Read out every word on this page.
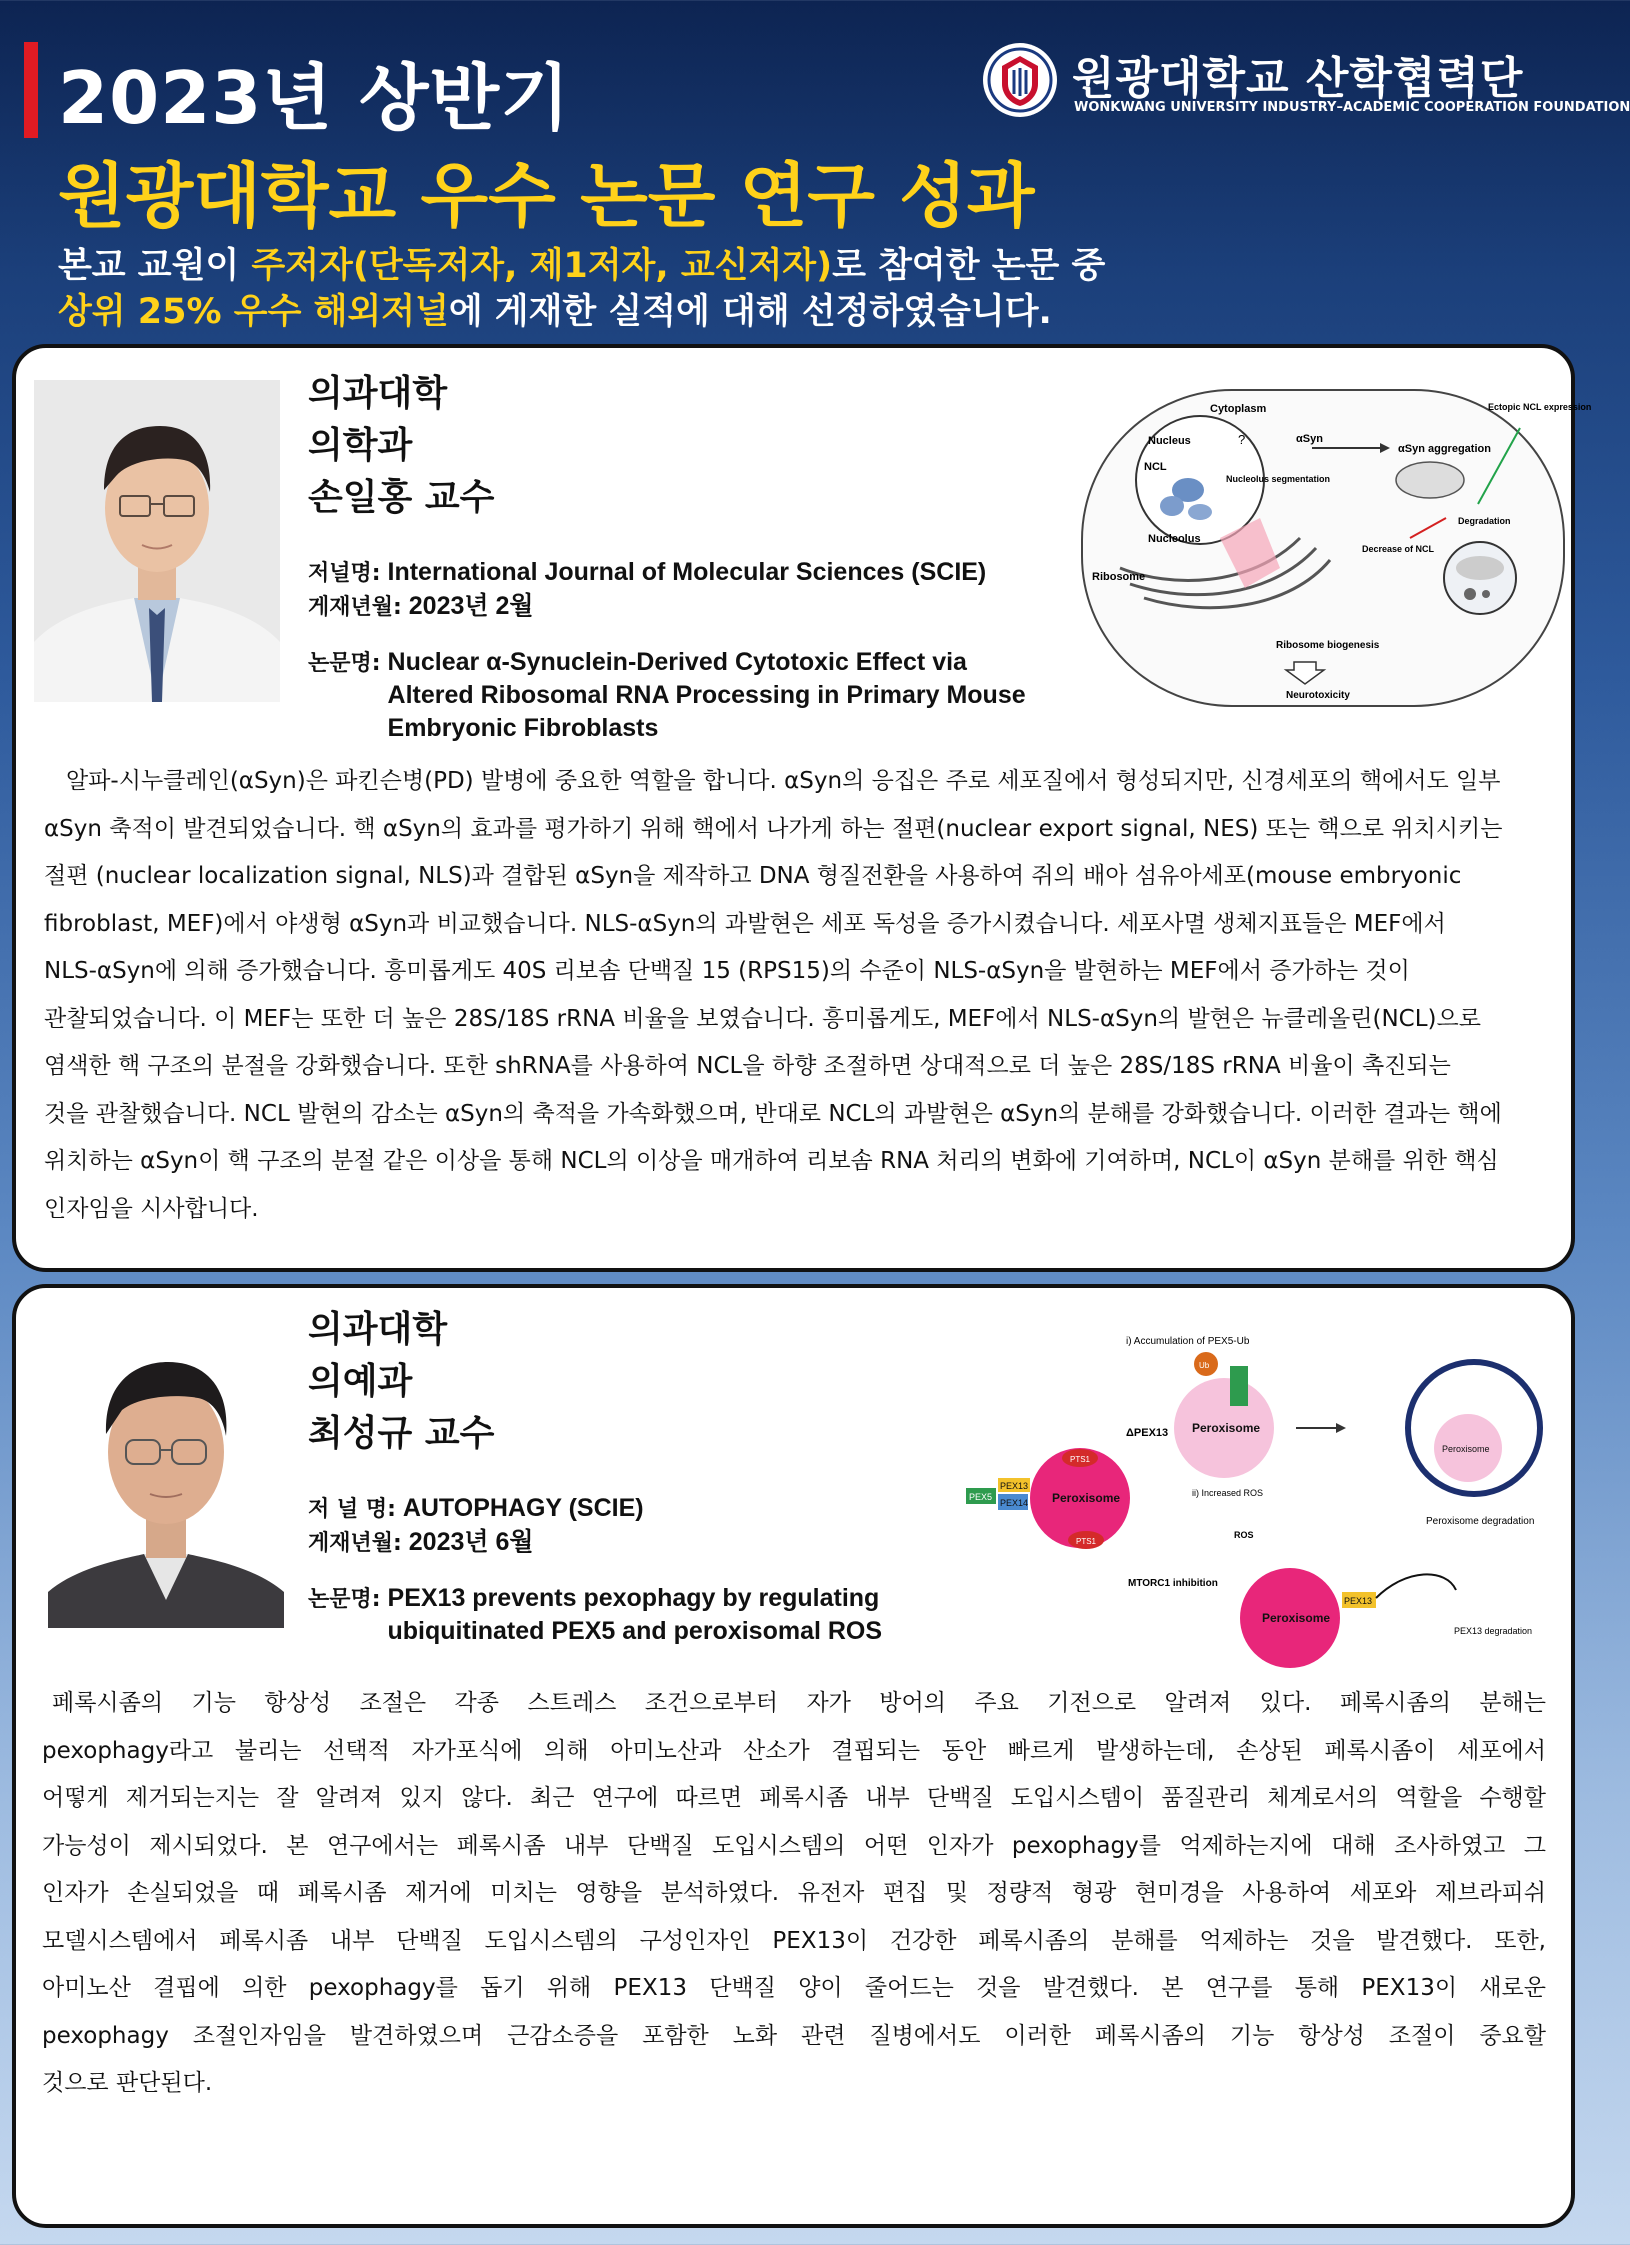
2023년 상반기
원광대학교 우수 논문 연구 성과
본교 교원이 주저자(단독저자, 제1저자, 교신저자)로 참여한 논문 중
상위 25% 우수 해외저널에 게재한 실적에 대해 선정하였습니다.
원광대학교 산학협력단
WONKWANG UNIVERSITY INDUSTRY–ACADEMIC COOPERATION FOUNDATION
의과대학
의학과
손일홍 교수
저널명: International Journal of Molecular Sciences (SCIE)
게재년월: 2023년 2월
논문명: Nuclear α-Synuclein-Derived Cytotoxic Effect via
Altered Ribosomal RNA Processing in Primary Mouse
Embryonic Fibroblasts
Cytoplasm
Nucleus	?
NCL
Nucleolus segmentation
Nucleolus
Ribosome
αSyn
αSyn aggregation
Ectopic NCL expression
Degradation
Decrease of NCL
Ribosome biogenesis
Neurotoxicity
알파-시누클레인(αSyn)은 파킨슨병(PD) 발병에 중요한 역할을 합니다. αSyn의 응집은 주로 세포질에서 형성되지만, 신경세포의 핵에서도 일부
αSyn 축적이 발견되었습니다. 핵 αSyn의 효과를 평가하기 위해 핵에서 나가게 하는 절편(nuclear export signal, NES) 또는 핵으로 위치시키는
절편 (nuclear localization signal, NLS)과 결합된 αSyn을 제작하고 DNA 형질전환을 사용하여 쥐의 배아 섬유아세포(mouse embryonic
fibroblast, MEF)에서 야생형 αSyn과 비교했습니다. NLS-αSyn의 과발현은 세포 독성을 증가시켰습니다. 세포사멸 생체지표들은 MEF에서
NLS-αSyn에 의해 증가했습니다. 흥미롭게도 40S 리보솜 단백질 15 (RPS15)의 수준이 NLS-αSyn을 발현하는 MEF에서 증가하는 것이
관찰되었습니다. 이 MEF는 또한 더 높은 28S/18S rRNA 비율을 보였습니다. 흥미롭게도, MEF에서 NLS-αSyn의 발현은 뉴클레올린(NCL)으로
염색한 핵 구조의 분절을 강화했습니다. 또한 shRNA를 사용하여 NCL을 하향 조절하면 상대적으로 더 높은 28S/18S rRNA 비율이 촉진되는
것을 관찰했습니다. NCL 발현의 감소는 αSyn의 축적을 가속화했으며, 반대로 NCL의 과발현은 αSyn의 분해를 강화했습니다. 이러한 결과는 핵에
위치하는 αSyn이 핵 구조의 분절 같은 이상을 통해 NCL의 이상을 매개하여 리보솜 RNA 처리의 변화에 기여하며, NCL이 αSyn 분해를 위한 핵심
인자임을 시사합니다.
의과대학
의예과
최성규 교수
저 널 명: AUTOPHAGY (SCIE)
게재년월: 2023년 6월
논문명: PEX13 prevents pexophagy by regulating
ubiquitinated PEX5 and peroxisomal ROS
i) Accumulation of PEX5-Ub
ΔPEX13
Peroxisome
PTS1
PTS1
PEX5
PEX14
PEX13
Peroxisome
Ub
ii) Increased ROS
ROS
MTORC1 inhibition
Peroxisome
Peroxisome degradation
Peroxisome
PEX13
PEX13 degradation
페록시좀의 기능 항상성 조절은 각종 스트레스 조건으로부터 자가 방어의 주요 기전으로 알려져 있다. 페록시좀의 분해는
pexophagy라고 불리는 선택적 자가포식에 의해 아미노산과 산소가 결핍되는 동안 빠르게 발생하는데, 손상된 페록시좀이 세포에서
어떻게 제거되는지는 잘 알려져 있지 않다. 최근 연구에 따르면 페록시좀 내부 단백질 도입시스템이 품질관리 체계로서의 역할을 수행할
가능성이 제시되었다. 본 연구에서는 페록시좀 내부 단백질 도입시스템의 어떤 인자가 pexophagy를 억제하는지에 대해 조사하였고 그
인자가 손실되었을 때 페록시좀 제거에 미치는 영향을 분석하였다. 유전자 편집 및 정량적 형광 현미경을 사용하여 세포와 제브라피쉬
모델시스템에서 페록시좀 내부 단백질 도입시스템의 구성인자인 PEX13이 건강한 페록시좀의 분해를 억제하는 것을 발견했다. 또한,
아미노산 결핍에 의한 pexophagy를 돕기 위해 PEX13 단백질 양이 줄어드는 것을 발견했다. 본 연구를 통해 PEX13이 새로운
pexophagy 조절인자임을 발견하였으며 근감소증을 포함한 노화 관련 질병에서도 이러한 페록시좀의 기능 항상성 조절이 중요할
것으로 판단된다.
